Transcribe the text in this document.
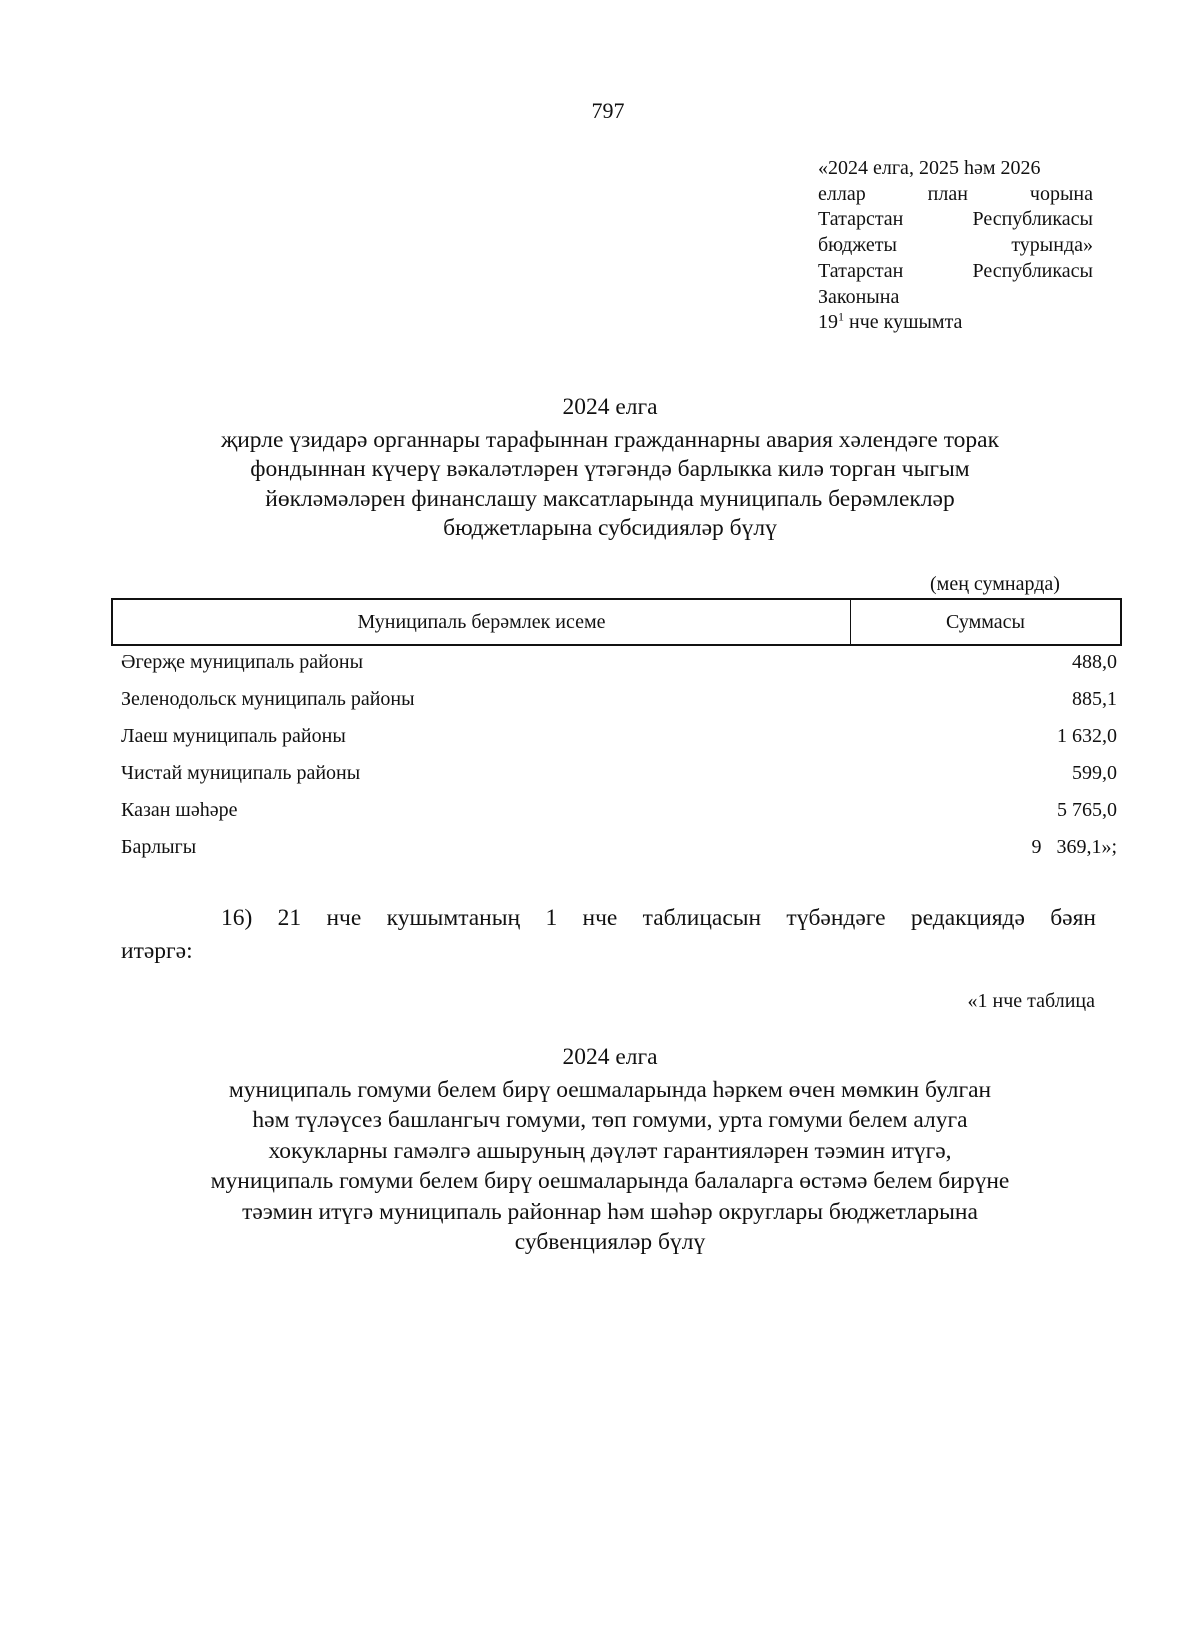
797
«2024 елга, 2025 һәм 2026
еллар план чорына
Татарстан Республикасы
бюджеты турында»
Татарстан Республикасы
Законына
$19^1$ нче кушымта
2024 елга
җирле үзидарә органнары тарафыннан гражданнарны авария хәлендәге торак
фондыннан күчерү вәкаләтләрен үтәгәндә барлыкка килә торган чыгым
йөкләмәләрен финанслашу максатларында муниципаль берәмлекләр
бюджетларына субсидияләр бүлү
(мең сумнарда)
Муниципаль берәмлек исеме	Суммасы
Әгерҗе муниципаль районы	488,0
Зеленодольск муниципаль районы	885,1
Лаеш муниципаль районы	1 632,0
Чистай муниципаль районы	599,0
Казан шәһәре	5 765,0
Барлыгы	9   369,1»;
16) 21 нче кушымтаның 1 нче таблицасын түбәндәге редакциядә бәян
итәргә:
«1 нче таблица
2024 елга
муниципаль гомуми белем бирү оешмаларында һәркем өчен мөмкин булган
һәм түләүсез башлангыч гомуми, төп гомуми, урта гомуми белем алуга
хокукларны гамәлгә ашыруның дәүләт гарантияләрен тәэмин итүгә,
муниципаль гомуми белем бирү оешмаларында балаларга өстәмә белем бирүне
тәэмин итүгә муниципаль районнар һәм шәһәр округлары бюджетларына
субвенцияләр бүлү
